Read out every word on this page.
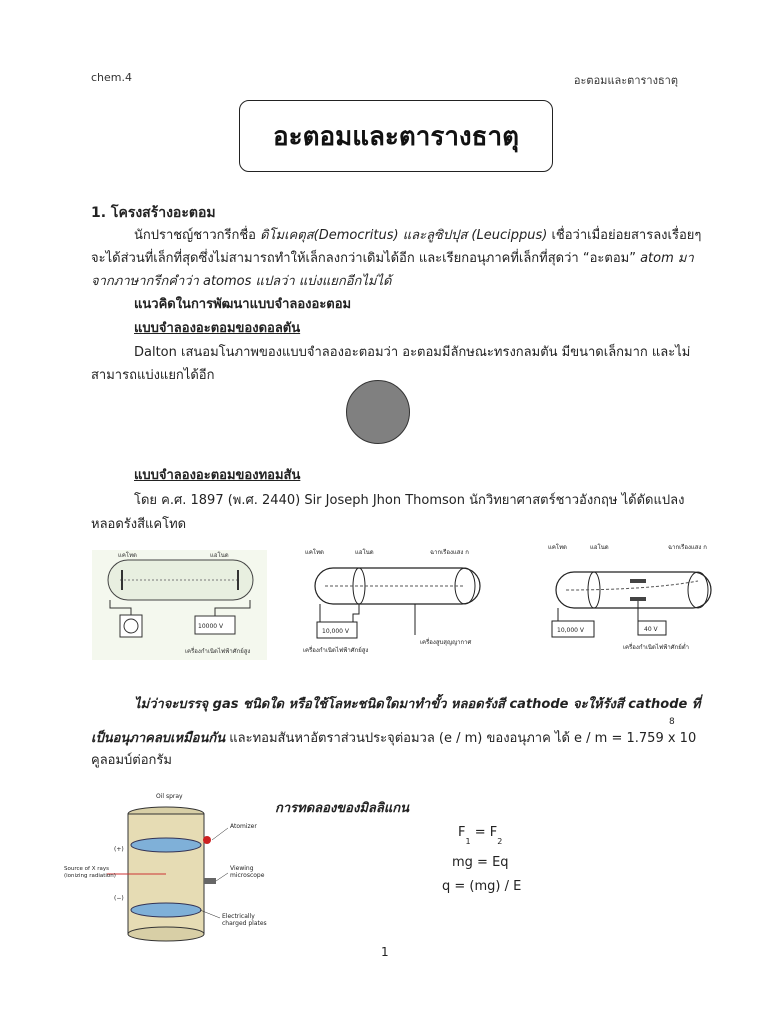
chem.4	อะตอมและตารางธาตุ
อะตอมและตารางธาตุ
1. โครงสร้างอะตอม
นักปราชญ์ชาวกรีกชื่อ ดิโมเคตุส(Democritus) และลูซิปปุส (Leucippus) เชื่อว่าเมื่อย่อยสารลงเรื่อยๆ
จะได้ส่วนที่เล็กที่สุดซึ่งไม่สามารถทำให้เล็กลงกว่าเดิมได้อีก และเรียกอนุภาคที่เล็กที่สุดว่า “อะตอม” atom มา
จากภาษากรีกคำว่า atomos แปลว่า แบ่งแยกอีกไม่ได้
แนวคิดในการพัฒนาแบบจำลองอะตอม
แบบจำลองอะตอมของดอลตัน
Dalton เสนอมโนภาพของแบบจำลองอะตอมว่า อะตอมมีลักษณะทรงกลมตัน มีขนาดเล็กมาก และไม่
สามารถแบ่งแยกได้อีก
แบบจำลองอะตอมของทอมสัน
โดย ค.ศ. 1897 (พ.ศ. 2440) Sir Joseph Jhon Thomson นักวิทยาศาสตร์ชาวอังกฤษ ได้ดัดแปลง
หลอดรังสีแคโทด
แคโทด	แอโนด
10000 V
เครื่องกำเนิดไฟฟ้าศักย์สูง
แคโทด	แอโนด	ฉากเรืองแสง ก
10,000 V
เครื่องกำเนิดไฟฟ้าศักย์สูง
เครื่องสูบสุญญากาศ
แคโทด	แอโนด	ฉากเรืองแสง ก
10,000 V	40 V
เครื่องกำเนิดไฟฟ้าศักย์ต่ำ
ไม่ว่าจะบรรจุ gas ชนิดใด หรือใช้โลหะชนิดใดมาทำขั้ว หลอดรังสี cathode จะให้รังสี cathode ที่
เป็นอนุภาคลบเหมือนกัน และทอมสันหาอัตราส่วนประจุต่อมวล (e / m) ของอนุภาค ได้ e / m = 1.759 x 10
8
คูลอมบ์ต่อกรัม
Oil spray
Atomizer
(+)
(−)
Source of X rays
(ionizing radiation)
Viewing
microscope
Electrically
charged plates
การทดลองของมิลลิแกน
$F_1 = F_2$
mg = Eq
q = (mg) / E
1
